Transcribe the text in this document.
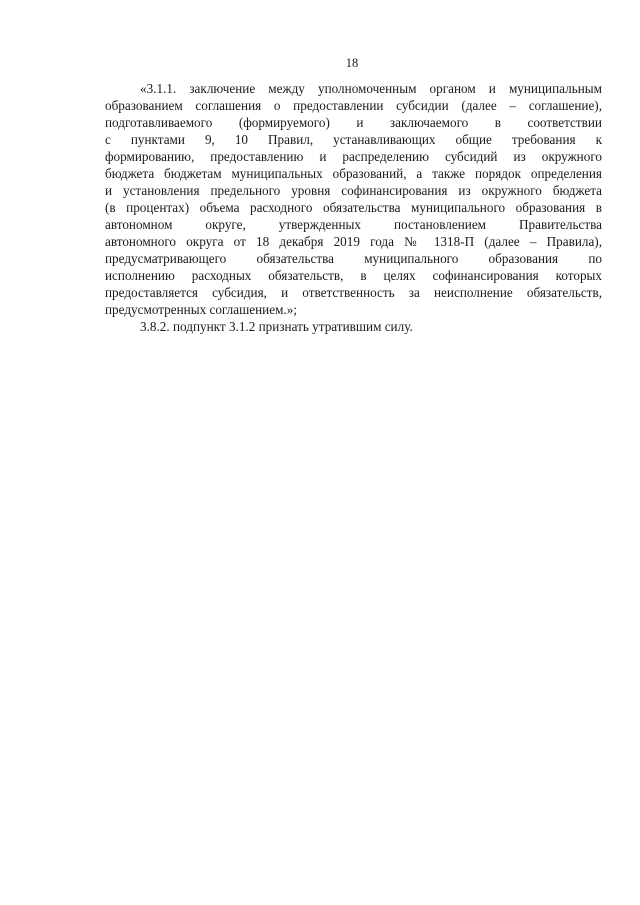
18
«3.1.1. заключение между уполномоченным органом и муниципальным
образованием соглашения о предоставлении субсидии (далее – соглашение),
подготавливаемого (формируемого) и заключаемого в соответствии
с пунктами 9, 10 Правил, устанавливающих общие требования к
формированию, предоставлению и распределению субсидий из окружного
бюджета бюджетам муниципальных образований, а также порядок определения
и установления предельного уровня софинансирования из окружного бюджета
(в процентах) объема расходного обязательства муниципального образования в
автономном округе, утвержденных постановлением Правительства
автономного округа от 18 декабря 2019 года № 1318-П (далее – Правила),
предусматривающего обязательства муниципального образования по
исполнению расходных обязательств, в целях софинансирования которых
предоставляется субсидия, и ответственность за неисполнение обязательств,
предусмотренных соглашением.»;
3.8.2. подпункт 3.1.2 признать утратившим силу.
